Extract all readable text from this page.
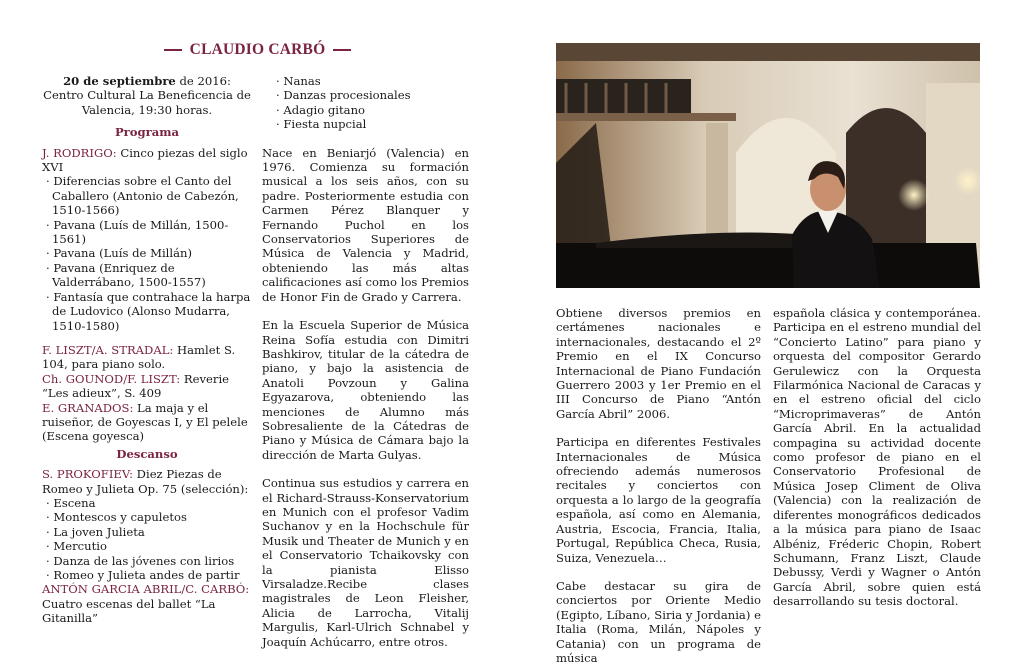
CLAUDIO CARBÓ

20 de septiembre de 2016: Centro Cultural La Beneficencia de Valencia, 19:30 horas.

Programa

J. RODRIGO: Cinco piezas del siglo XVI

· Diferencias sobre el Canto del Caballero (Antonio de Cabezón, 1510-1566)

· Pavana (Luís de Millán, 1500-1561)

· Pavana (Luís de Millán)

· Pavana (Enriquez de Valderrábano, 1500-1557)

· Fantasía que contrahace la harpa de Ludovico (Alonso Mudarra, 1510-1580)

F. LISZT/A. STRADAL: Hamlet S. 104, para piano solo.

Ch. GOUNOD/F. LISZT: Reverie “Les adieux”, S. 409

E. GRANADOS: La maja y el ruiseñor, de Goyescas I, y El pelele (Escena goyesca)

Descanso

S. PROKOFIEV: Diez Piezas de Romeo y Julieta Op. 75 (selección):

· Escena

· Montescos y capuletos

· La joven Julieta

· Mercutio

· Danza de las jóvenes con lirios

· Romeo y Julieta andes de partir

ANTÓN GARCIA ABRIL/C. CARBÓ:

Cuatro escenas del ballet “La Gitanilla”

· Nanas

· Danzas procesionales

· Adagio gitano

· Fiesta nupcial

Nace en Beniarjó (Valencia) en 1976. Comienza su formación musical a los seis años, con su padre. Posteriormente estudia con Carmen Pérez Blanquer y Fernando Puchol en los Conservatorios Superiores de Música de Valencia y Madrid, obteniendo las más altas calificaciones así como los Premios de Honor Fin de Grado y Carrera.

En la Escuela Superior de Música Reina Sofía estudia con Dimitri Bashkirov, titular de la cátedra de piano, y bajo la asistencia de Anatoli Povzoun y Galina Egyazarova, obteniendo las menciones de Alumno más Sobresaliente de la Cátedras de Piano y Música de Cámara bajo la dirección de Marta Gulyas.

Continua sus estudios y carrera en el Richard-Strauss-Konservatorium en Munich con el profesor Vadim Suchanov y en la Hochschule für Musik und Theater de Munich y en el Conservatorio Tchaikovsky con la pianista Elisso Virsaladze.Recibe clases magistrales de Leon Fleisher, Alicia de Larrocha, Vitalij Margulis, Karl-Ulrich Schnabel y Joaquín Achúcarro, entre otros.

Obtiene diversos premios en certámenes nacionales e internacionales, destacando el 2º Premio en el IX Concurso Internacional de Piano Fundación Guerrero 2003 y 1er Premio en el III Concurso de Piano “Antón García Abril” 2006.

Participa en diferentes Festivales Internacionales de Música ofreciendo además numerosos recitales y conciertos con orquesta a lo largo de la geografía española, así como en Alemania, Austria, Escocia, Francia, Italia, Portugal, República Checa, Rusia, Suiza, Venezuela…

Cabe destacar su gira de conciertos por Oriente Medio (Egipto, Líbano, Siria y Jordania) e Italia (Roma, Milán, Nápoles y Catania) con un programa de música

española clásica y contemporánea. Participa en el estreno mundial del “Concierto Latino” para piano y orquesta del compositor Gerardo Gerulewicz con la Orquesta Filarmónica Nacional de Caracas y en el estreno oficial del ciclo “Microprimaveras” de Antón García Abril. En la actualidad compagina su actividad docente como profesor de piano en el Conservatorio Profesional de Música Josep Climent de Oliva (Valencia) con la realización de diferentes monográficos dedicados a la música para piano de Isaac Albéniz, Fréderic Chopin, Robert Schumann, Franz Liszt, Claude Debussy, Verdi y Wagner o Antón García Abril, sobre quien está desarrollando su tesis doctoral.
